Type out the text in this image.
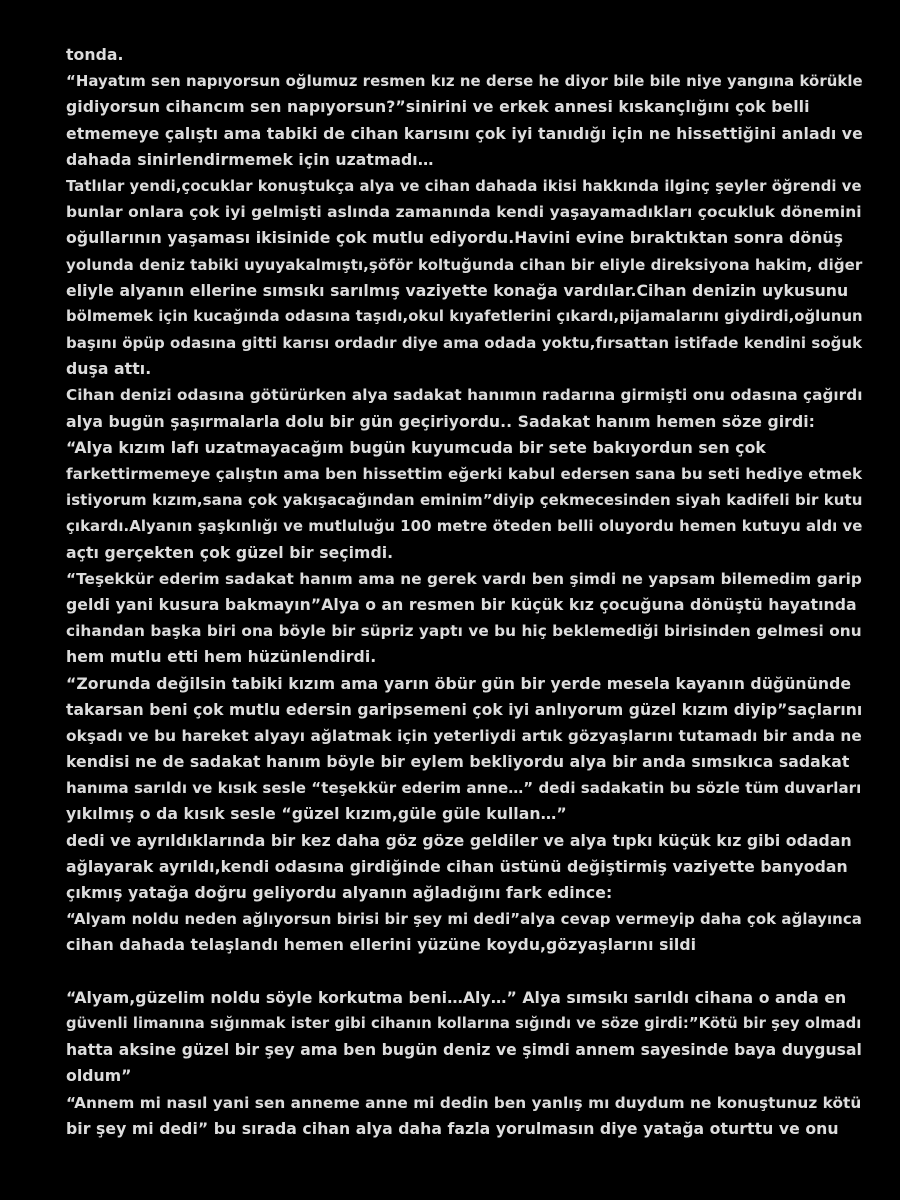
tonda.
“Hayatım sen napıyorsun oğlumuz resmen kız ne derse he diyor bile bile niye yangına körükle
gidiyorsun cihancım sen napıyorsun?”sinirini ve erkek annesi kıskançlığını çok belli
etmemeye çalıştı ama tabiki de cihan karısını çok iyi tanıdığı için ne hissettiğini anladı ve
dahada sinirlendirmemek için uzatmadı…
Tatlılar yendi,çocuklar konuştukça alya ve cihan dahada ikisi hakkında ilginç şeyler öğrendi ve
bunlar onlara çok iyi gelmişti aslında zamanında kendi yaşayamadıkları çocukluk dönemini
oğullarının yaşaması ikisinide çok mutlu ediyordu.Havini evine bıraktıktan sonra dönüş
yolunda deniz tabiki uyuyakalmıştı,şöför koltuğunda cihan bir eliyle direksiyona hakim, diğer
eliyle alyanın ellerine sımsıkı sarılmış vaziyette konağa vardılar.Cihan denizin uykusunu
bölmemek için kucağında odasına taşıdı,okul kıyafetlerini çıkardı,pijamalarını giydirdi,oğlunun
başını öpüp odasına gitti karısı ordadır diye ama odada yoktu,fırsattan istifade kendini soğuk
duşa attı.
Cihan denizi odasına götürürken alya sadakat hanımın radarına girmişti onu odasına çağırdı
alya bugün şaşırmalarla dolu bir gün geçiriyordu.. Sadakat hanım hemen söze girdi:
“Alya kızım lafı uzatmayacağım bugün kuyumcuda bir sete bakıyordun sen çok
farkettirmemeye çalıştın ama ben hissettim eğerki kabul edersen sana bu seti hediye etmek
istiyorum kızım,sana çok yakışacağından eminim”diyip çekmecesinden siyah kadifeli bir kutu
çıkardı.Alyanın şaşkınlığı ve mutluluğu 100 metre öteden belli oluyordu hemen kutuyu aldı ve
açtı gerçekten çok güzel bir seçimdi.
“Teşekkür ederim sadakat hanım ama ne gerek vardı ben şimdi ne yapsam bilemedim garip
geldi yani kusura bakmayın”Alya o an resmen bir küçük kız çocuğuna dönüştü hayatında
cihandan başka biri ona böyle bir süpriz yaptı ve bu hiç beklemediği birisinden gelmesi onu
hem mutlu etti hem hüzünlendirdi.
“Zorunda değilsin tabiki kızım ama yarın öbür gün bir yerde mesela kayanın düğününde
takarsan beni çok mutlu edersin garipsemeni çok iyi anlıyorum güzel kızım diyip”saçlarını
okşadı ve bu hareket alyayı ağlatmak için yeterliydi artık gözyaşlarını tutamadı bir anda ne
kendisi ne de sadakat hanım böyle bir eylem bekliyordu alya bir anda sımsıkıca sadakat
hanıma sarıldı ve kısık sesle “teşekkür ederim anne…” dedi sadakatin bu sözle tüm duvarları
yıkılmış o da kısık sesle “güzel kızım,güle güle kullan…”
dedi ve ayrıldıklarında bir kez daha göz göze geldiler ve alya tıpkı küçük kız gibi odadan
ağlayarak ayrıldı,kendi odasına girdiğinde cihan üstünü değiştirmiş vaziyette banyodan
çıkmış yatağa doğru geliyordu alyanın ağladığını fark edince:
“Alyam noldu neden ağlıyorsun birisi bir şey mi dedi”alya cevap vermeyip daha çok ağlayınca
cihan dahada telaşlandı hemen ellerini yüzüne koydu,gözyaşlarını sildi
“Alyam,güzelim noldu söyle korkutma beni…Aly…” Alya sımsıkı sarıldı cihana o anda en
güvenli limanına sığınmak ister gibi cihanın kollarına sığındı ve söze girdi:”Kötü bir şey olmadı
hatta aksine güzel bir şey ama ben bugün deniz ve şimdi annem sayesinde baya duygusal
oldum”
“Annem mi nasıl yani sen anneme anne mi dedin ben yanlış mı duydum ne konuştunuz kötü
bir şey mi dedi” bu sırada cihan alya daha fazla yorulmasın diye yatağa oturttu ve onu
